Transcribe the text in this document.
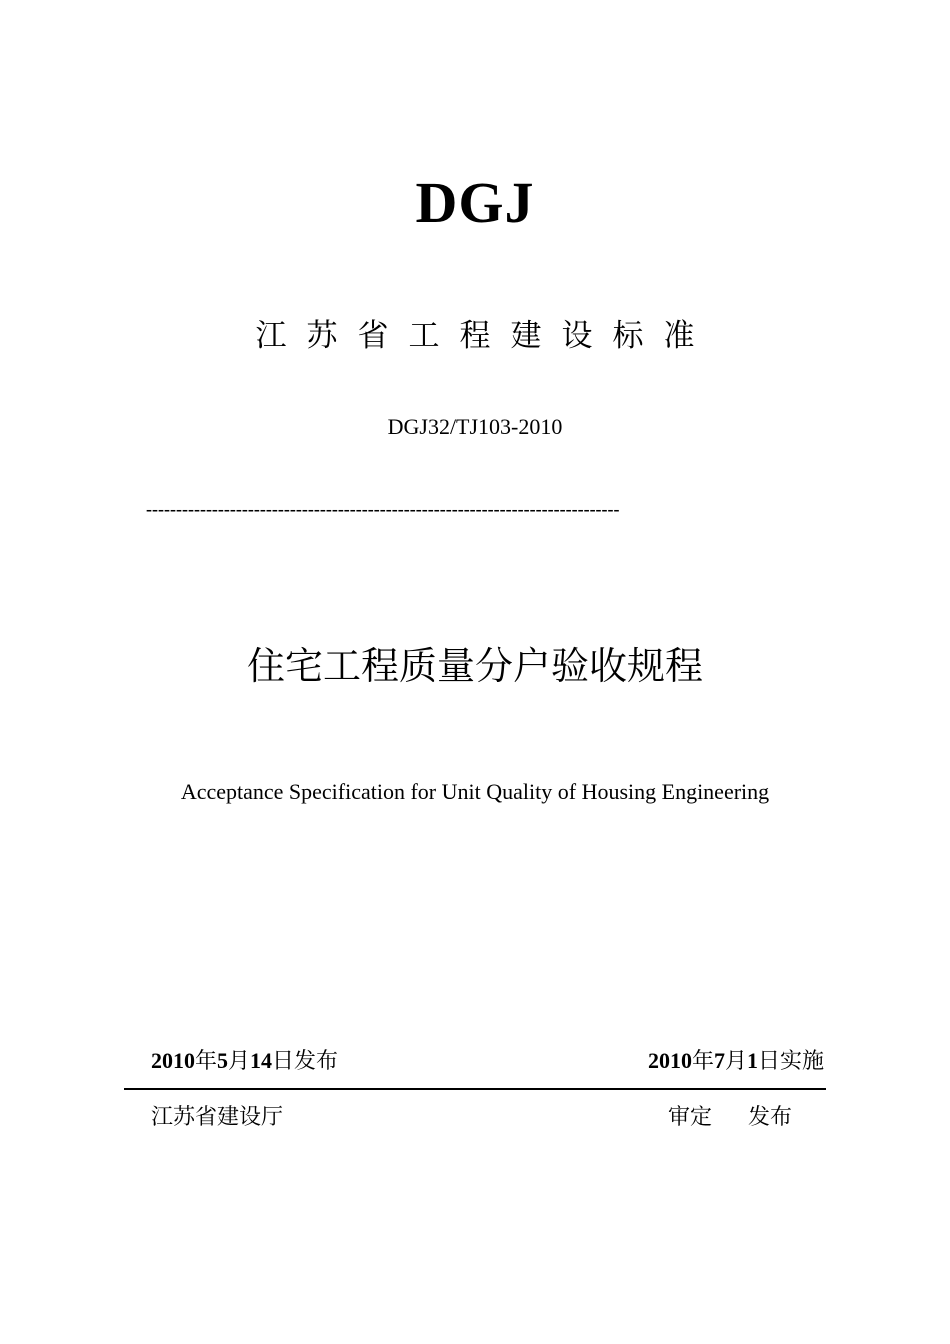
DGJ
江苏省工程建设标准
DGJ32/TJ103-2010
-------------------------------------------------------------------------------
住宅工程质量分户验收规程
Acceptance Specification for Unit Quality of Housing Engineering
2010年5月14日发布	2010年7月1日实施
江苏省建设厅	审定 发布
